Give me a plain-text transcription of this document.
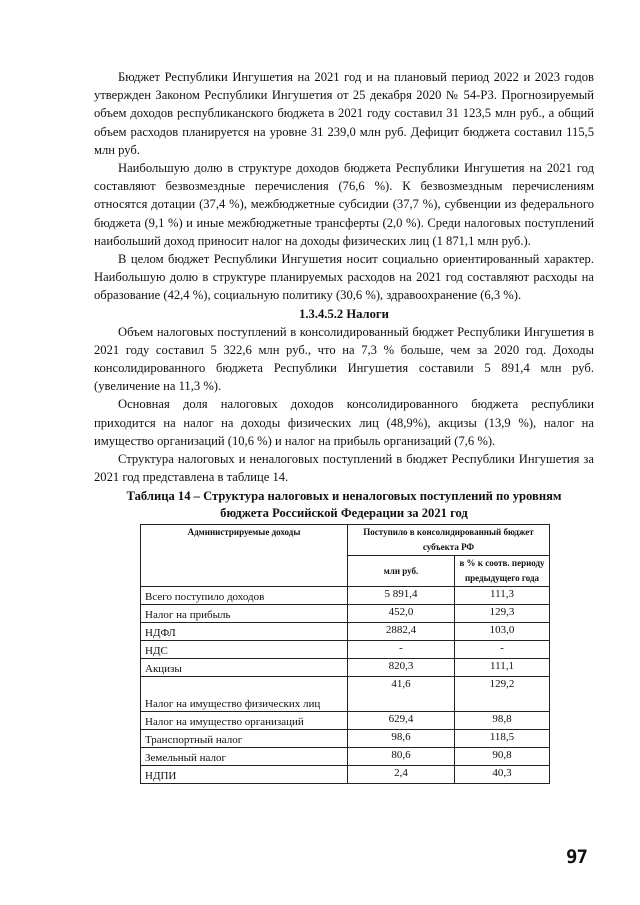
Бюджет Республики Ингушетия на 2021 год и на плановый период 2022 и 2023 годов утвержден Законом Республики Ингушетия от 25 декабря 2020 № 54-РЗ. Прогнозируемый объем доходов республиканского бюджета в 2021 году составил 31 123,5 млн руб., а общий объем расходов планируется на уровне 31 239,0 млн руб. Дефицит бюджета составил 115,5 млн руб.

Наибольшую долю в структуре доходов бюджета Республики Ингушетия на 2021 год составляют безвозмездные перечисления (76,6 %). К безвозмездным перечислениям относятся дотации (37,4 %), межбюджетные субсидии (37,7 %), субвенции из федерального бюджета (9,1 %) и иные межбюджетные трансферты (2,0 %). Среди налоговых поступлений наибольший доход приносит налог на доходы физических лиц (1 871,1 млн руб.).

В целом бюджет Республики Ингушетия носит социально ориентированный характер. Наибольшую долю в структуре планируемых расходов на 2021 год составляют расходы на образование (42,4 %), социальную политику (30,6 %), здравоохранение (6,3 %).

1.3.4.5.2 Налоги

Объем налоговых поступлений в консолидированный бюджет Республики Ингушетия в 2021 году составил 5 322,6 млн руб., что на 7,3 % больше, чем за 2020 год. Доходы консолидированного бюджета Республики Ингушетия составили 5 891,4 млн руб. (увеличение на 11,3 %).

Основная доля налоговых доходов консолидированного бюджета республики приходится на налог на доходы физических лиц (48,9%), акцизы (13,9 %), налог на имущество организаций (10,6 %) и налог на прибыль организаций (7,6 %).

Структура налоговых и неналоговых поступлений в бюджет Республики Ингушетия за 2021 год представлена в таблице 14.

Таблица 14 – Структура налоговых и неналоговых поступлений по уровням
бюджета Российской Федерации за 2021 год
Администрируемые доходы	Поступило в консолидированный бюджет субъекта РФ	
	млн руб.	в % к соотв. периоду предыдущего года
Всего поступило доходов	5 891,4	111,3
Налог на прибыль	452,0	129,3
НДФЛ	2882,4	103,0
НДС	-	-
Акцизы	820,3	111,1
Налог на имущество физических лиц	41,6	129,2
Налог на имущество организаций	629,4	98,8
Транспортный налог	98,6	118,5
Земельный налог	80,6	90,8
НДПИ	2,4	40,3
97
